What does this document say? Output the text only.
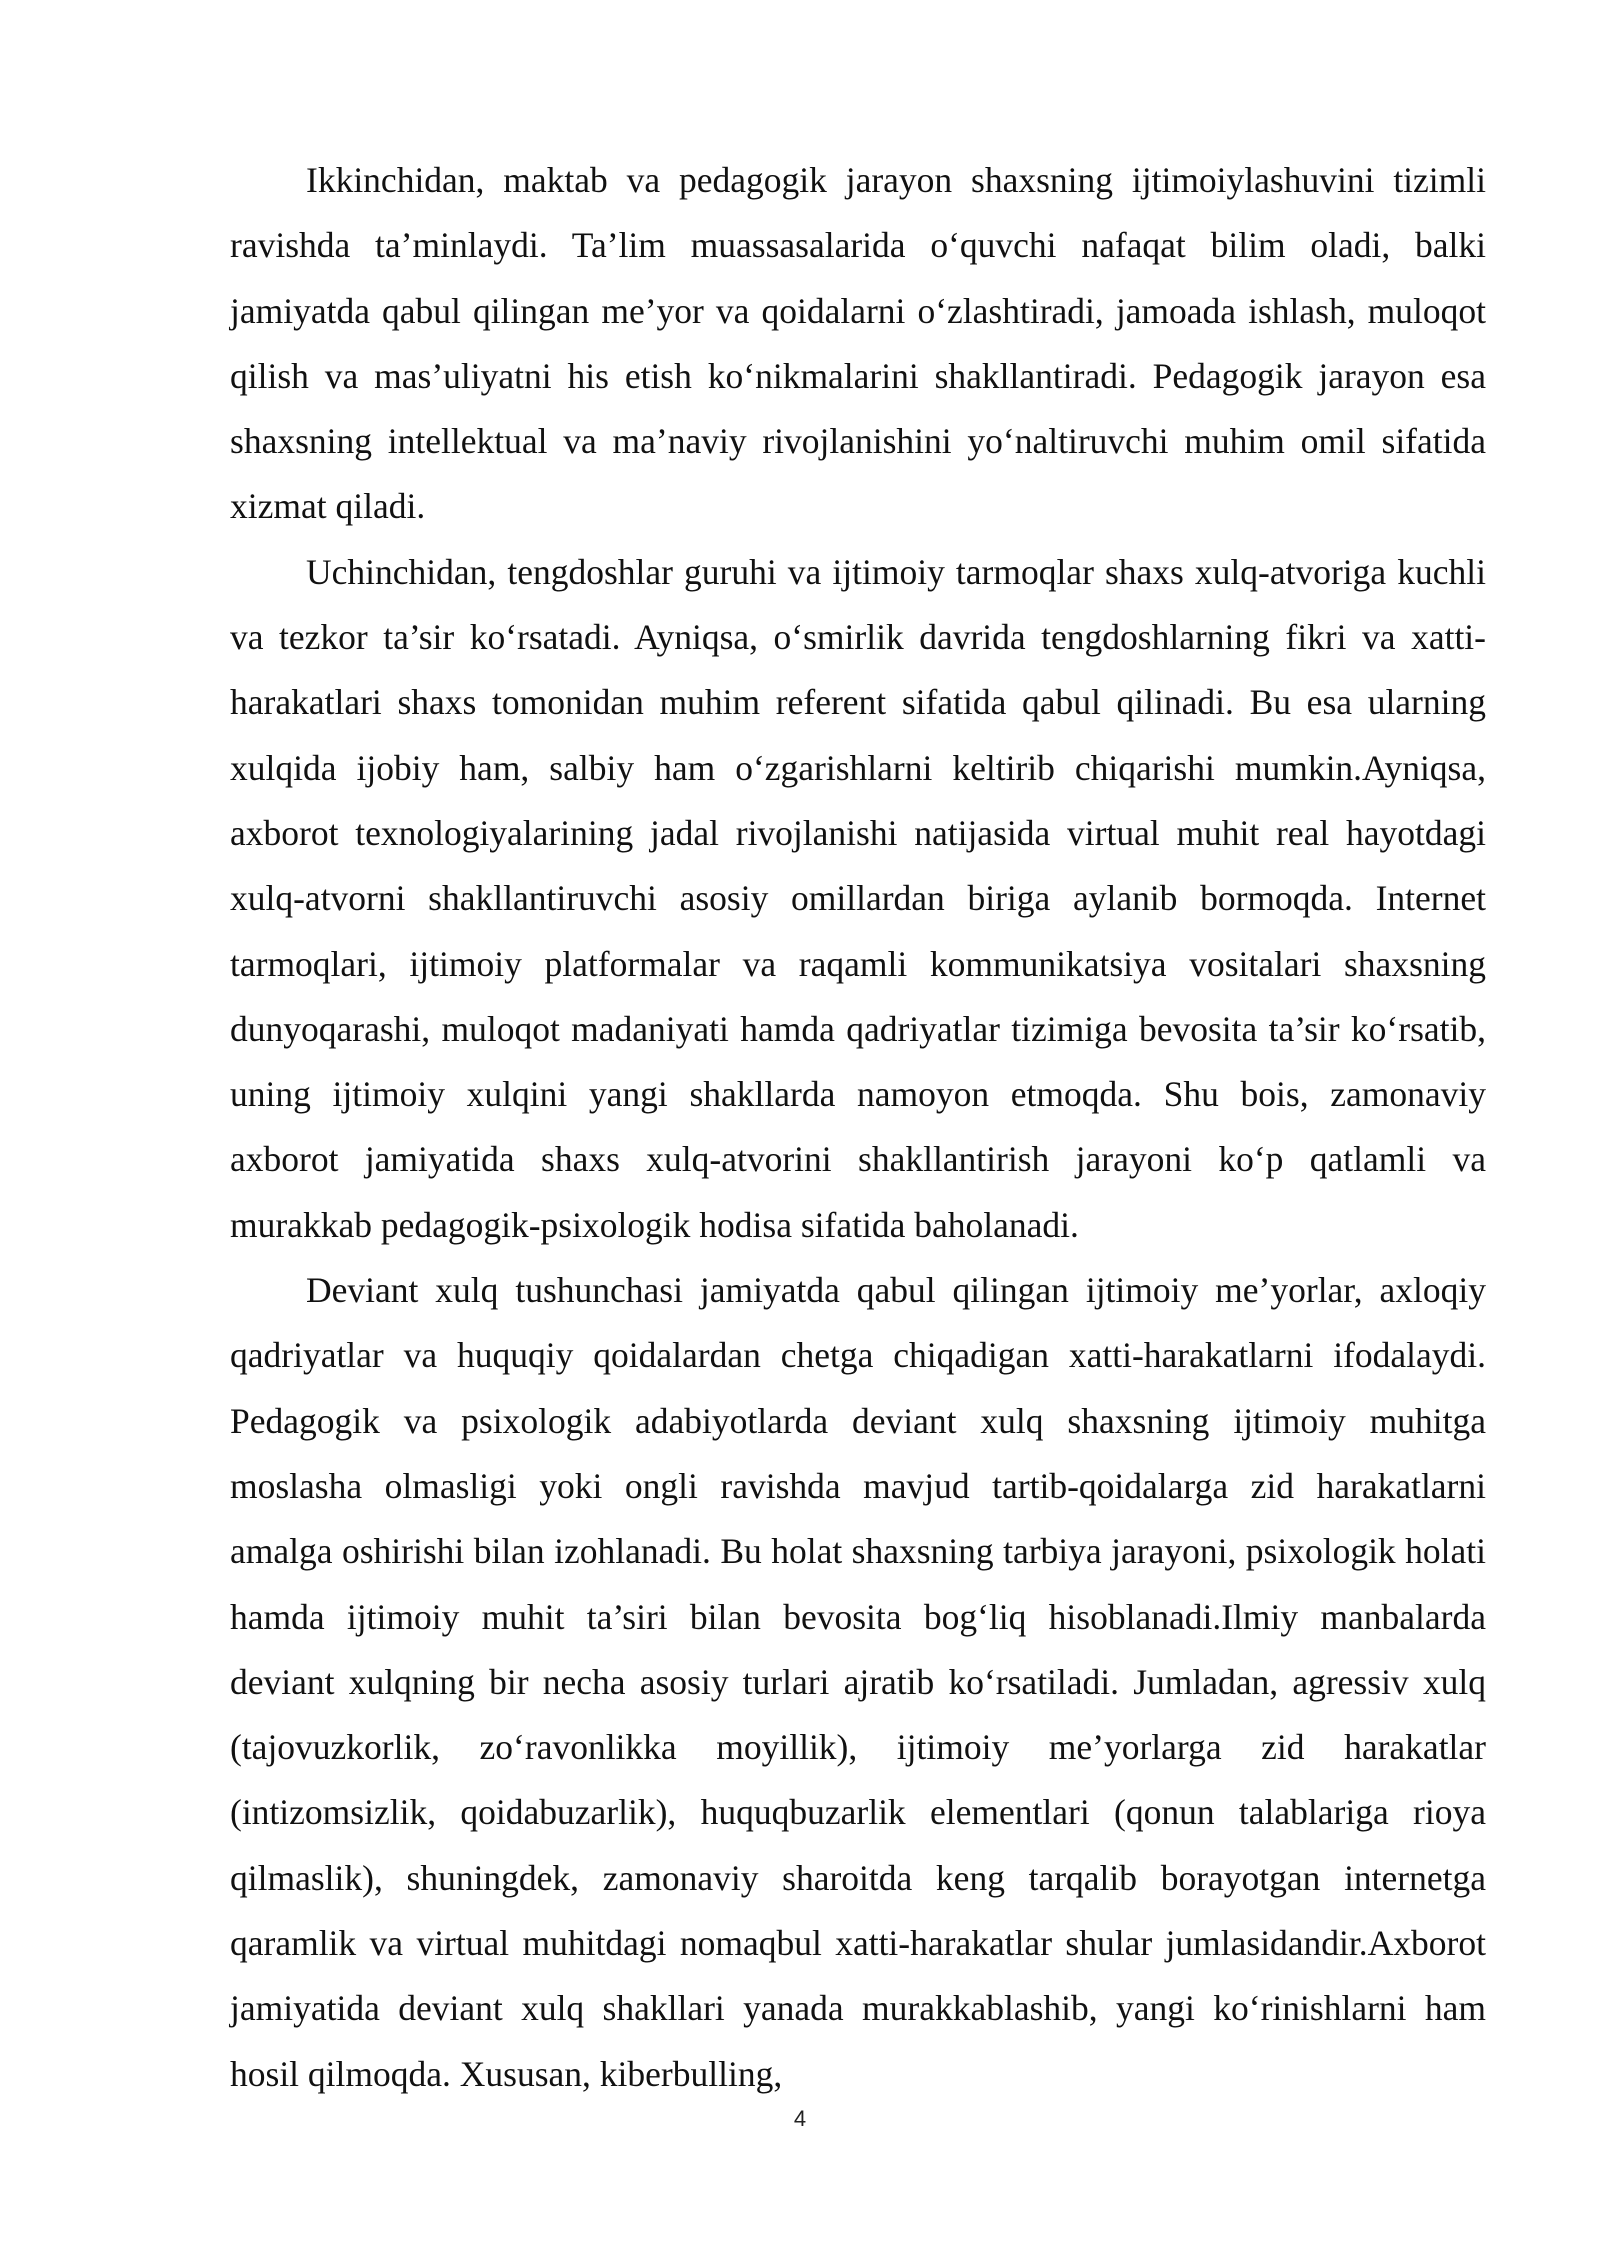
Ikkinchidan, maktab va pedagogik jarayon shaxsning ijtimoiylashuvini tizimli ravishda ta’minlaydi. Ta’lim muassasalarida o‘quvchi nafaqat bilim oladi, balki jamiyatda qabul qilingan me’yor va qoidalarni o‘zlashtiradi, jamoada ishlash, muloqot qilish va mas’uliyatni his etish ko‘nikmalarini shakllantiradi. Pedagogik jarayon esa shaxsning intellektual va ma’naviy rivojlanishini yo‘naltiruvchi muhim omil sifatida xizmat qiladi.

Uchinchidan, tengdoshlar guruhi va ijtimoiy tarmoqlar shaxs xulq-atvoriga kuchli va tezkor ta’sir ko‘rsatadi. Ayniqsa, o‘smirlik davrida tengdoshlarning fikri va xatti-harakatlari shaxs tomonidan muhim referent sifatida qabul qilinadi. Bu esa ularning xulqida ijobiy ham, salbiy ham o‘zgarishlarni keltirib chiqarishi mumkin.Ayniqsa, axborot texnologiyalarining jadal rivojlanishi natijasida virtual muhit real hayotdagi xulq-atvorni shakllantiruvchi asosiy omillardan biriga aylanib bormoqda. Internet tarmoqlari, ijtimoiy platformalar va raqamli kommunikatsiya vositalari shaxsning dunyoqarashi, muloqot madaniyati hamda qadriyatlar tizimiga bevosita ta’sir ko‘rsatib, uning ijtimoiy xulqini yangi shakllarda namoyon etmoqda. Shu bois, zamonaviy axborot jamiyatida shaxs xulq-atvorini shakllantirish jarayoni ko‘p qatlamli va murakkab pedagogik-psixologik hodisa sifatida baholanadi.

Deviant xulq tushunchasi jamiyatda qabul qilingan ijtimoiy me’yorlar, axloqiy qadriyatlar va huquqiy qoidalardan chetga chiqadigan xatti-harakatlarni ifodalaydi. Pedagogik va psixologik adabiyotlarda deviant xulq shaxsning ijtimoiy muhitga moslasha olmasligi yoki ongli ravishda mavjud tartib-qoidalarga zid harakatlarni amalga oshirishi bilan izohlanadi. Bu holat shaxsning tarbiya jarayoni, psixologik holati hamda ijtimoiy muhit ta’siri bilan bevosita bog‘liq hisoblanadi.Ilmiy manbalarda deviant xulqning bir necha asosiy turlari ajratib ko‘rsatiladi. Jumladan, agressiv xulq (tajovuzkorlik, zo‘ravonlikka moyillik), ijtimoiy me’yorlarga zid harakatlar (intizomsizlik, qoidabuzarlik), huquqbuzarlik elementlari (qonun talablariga rioya qilmaslik), shuningdek, zamonaviy sharoitda keng tarqalib borayotgan internetga qaramlik va virtual muhitdagi nomaqbul xatti-harakatlar shular jumlasidandir.Axborot jamiyatida deviant xulq shakllari yanada murakkablashib, yangi ko‘rinishlarni ham hosil qilmoqda. Xususan, kiberbulling,

4
